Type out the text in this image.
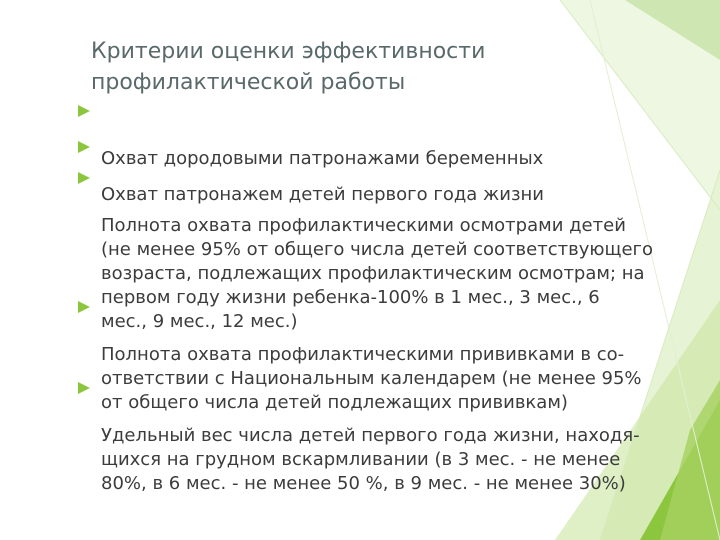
Критерии оценки эффективности
профилактической работы

Охват дородовыми патронажами беременных

Охват патронажем детей первого года жизни

Полнота охвата профилактическими осмотрами детей
(не менее 95% от общего числа детей соответствующего
возраста, подлежащих профилактическим осмотрам; на
первом году жизни ребенка-100% в 1 мес., 3 мес., 6
мес., 9 мес., 12 мес.)

Полнота охвата профилактическими прививками в со-
ответствии с Национальным календарем (не менее 95%
от общего числа детей подлежащих прививкам)

Удельный вес числа детей первого года жизни, находя-
щихся на грудном вскармливании (в 3 мес. - не менее
80%, в 6 мес. - не менее 50 %, в 9 мес. - не менее 30%)
